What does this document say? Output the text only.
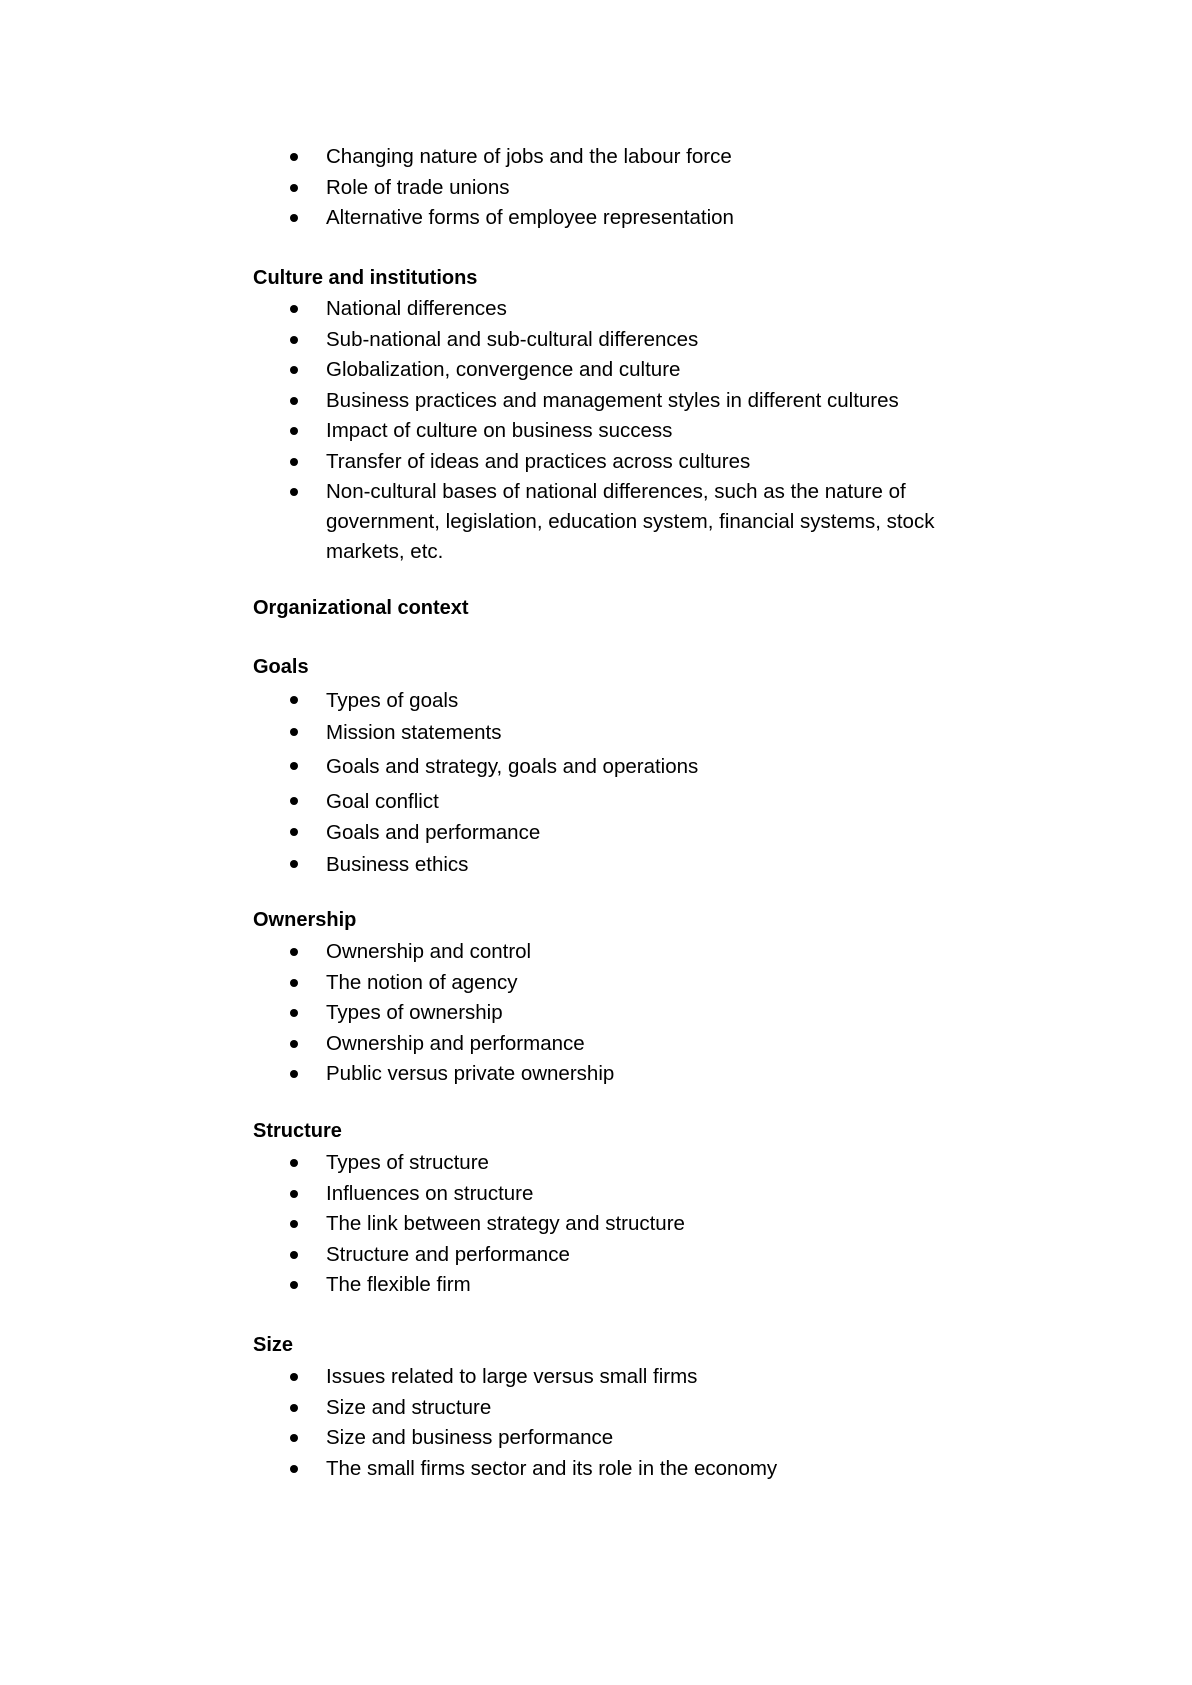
Changing nature of jobs and the labour force
Role of trade unions
Alternative forms of employee representation
Culture and institutions
National differences
Sub-national and sub-cultural differences
Globalization, convergence and culture
Business practices and management styles in different cultures
Impact of culture on business success
Transfer of ideas and practices across cultures
Non-cultural bases of national differences, such as the nature of government, legislation, education system, financial systems, stock markets, etc.
Organizational context
Goals
Types of goals
Mission statements
Goals and strategy, goals and operations
Goal conflict
Goals and performance
Business ethics
Ownership
Ownership and control
The notion of agency
Types of ownership
Ownership and performance
Public versus private ownership
Structure
Types of structure
Influences on structure
The link between strategy and structure
Structure and performance
The flexible firm
Size
Issues related to large versus small firms
Size and structure
Size and business performance
The small firms sector and its role in the economy
